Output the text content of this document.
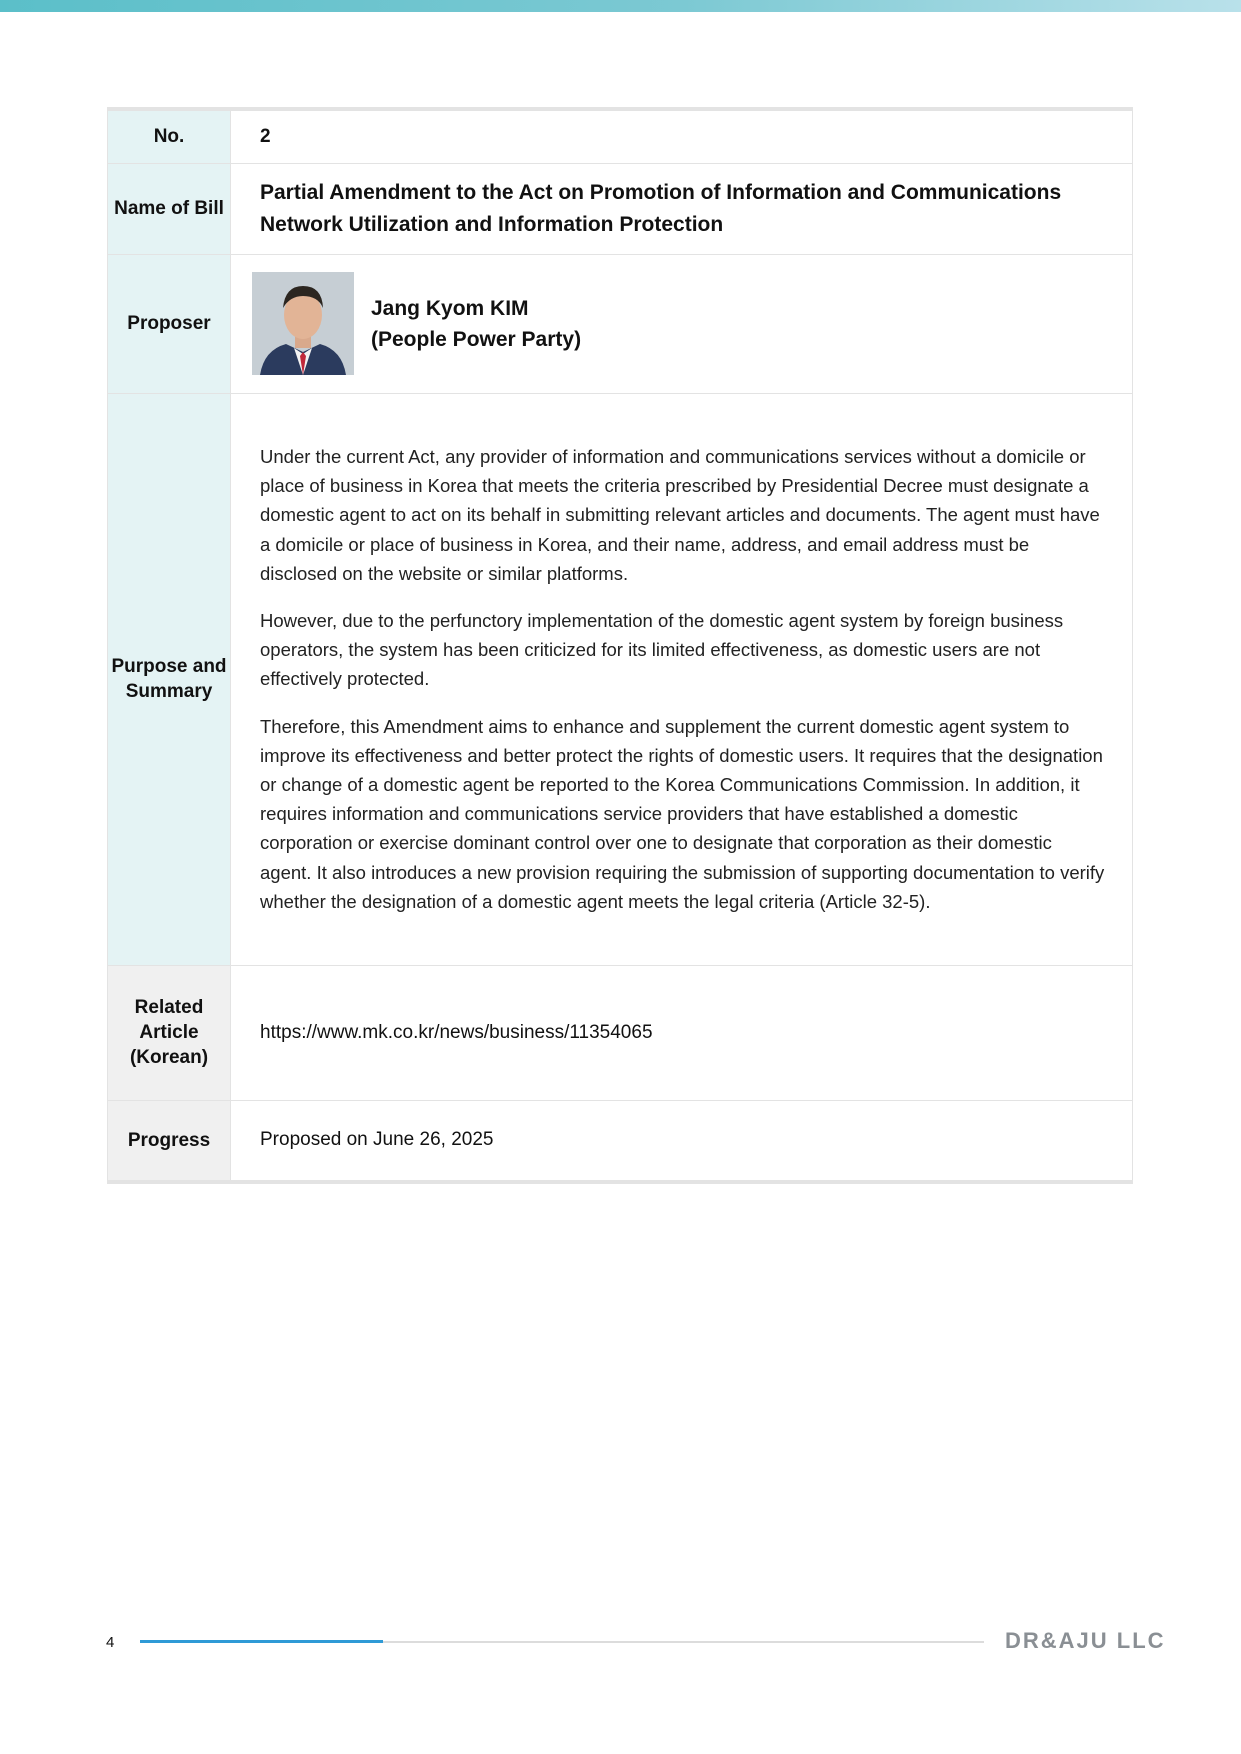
No.	2
Name of Bill	Partial Amendment to the Act on Promotion of Information and Communications Network Utilization and Information Protection

Proposer	Jang Kyom KIM
(People Power Party)

Purpose and Summary	Under the current Act, any provider of information and communications services without a domicile or place of business in Korea that meets the criteria prescribed by Presidential Decree must designate a domestic agent to act on its behalf in submitting relevant articles and documents. The agent must have a domicile or place of business in Korea, and their name, address, and email address must be disclosed on the website or similar platforms.

However, due to the perfunctory implementation of the domestic agent system by foreign business operators, the system has been criticized for its limited effectiveness, as domestic users are not effectively protected.

Therefore, this Amendment aims to enhance and supplement the current domestic agent system to improve its effectiveness and better protect the rights of domestic users. It requires that the designation or change of a domestic agent be reported to the Korea Communications Commission. In addition, it requires information and communications service providers that have established a domestic corporation or exercise dominant control over one to designate that corporation as their domestic agent. It also introduces a new provision requiring the submission of supporting documentation to verify whether the designation of a domestic agent meets the legal criteria (Article 32-5).

Related Article (Korean)	https://www.mk.co.kr/news/business/11354065
Progress	Proposed on June 26, 2025
4	DR&AJU LLC
